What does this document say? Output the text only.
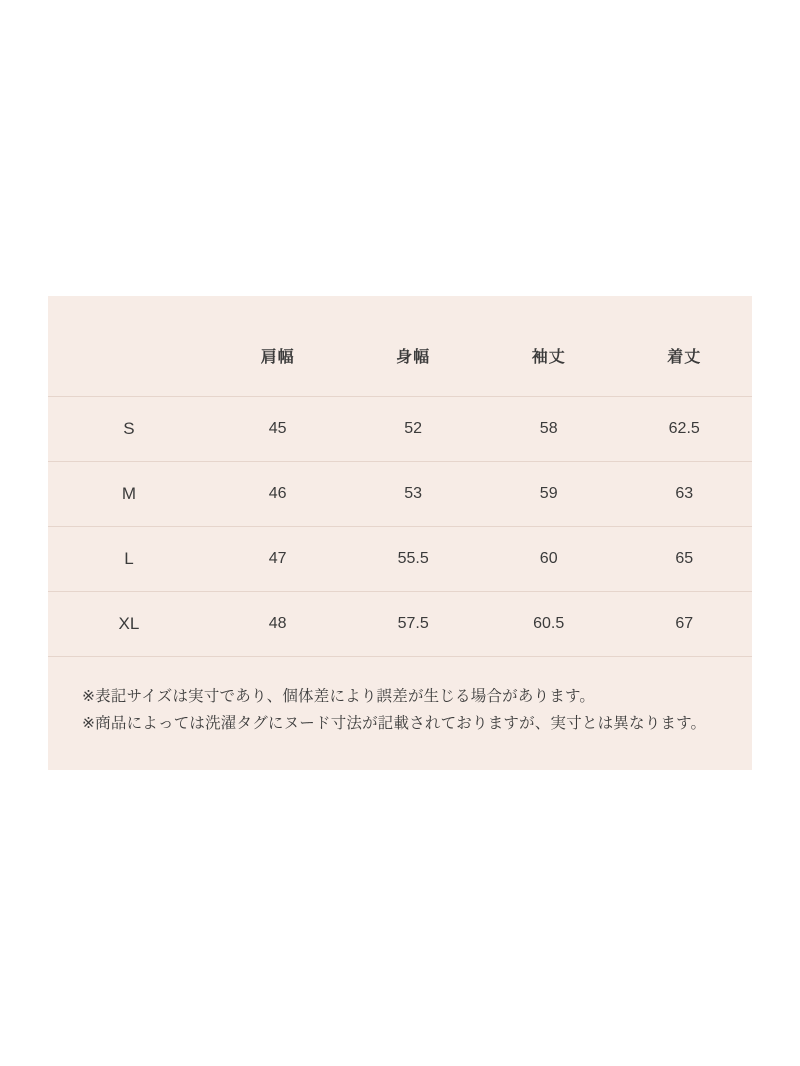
	肩幅	身幅	袖丈	着丈
S	45	52	58	62.5
M	46	53	59	63
L	47	55.5	60	65
XL	48	57.5	60.5	67
※表記サイズは実寸であり、個体差により誤差が生じる場合があります。
※商品によっては洗濯タグにヌード寸法が記載されておりますが、実寸とは異なります。
